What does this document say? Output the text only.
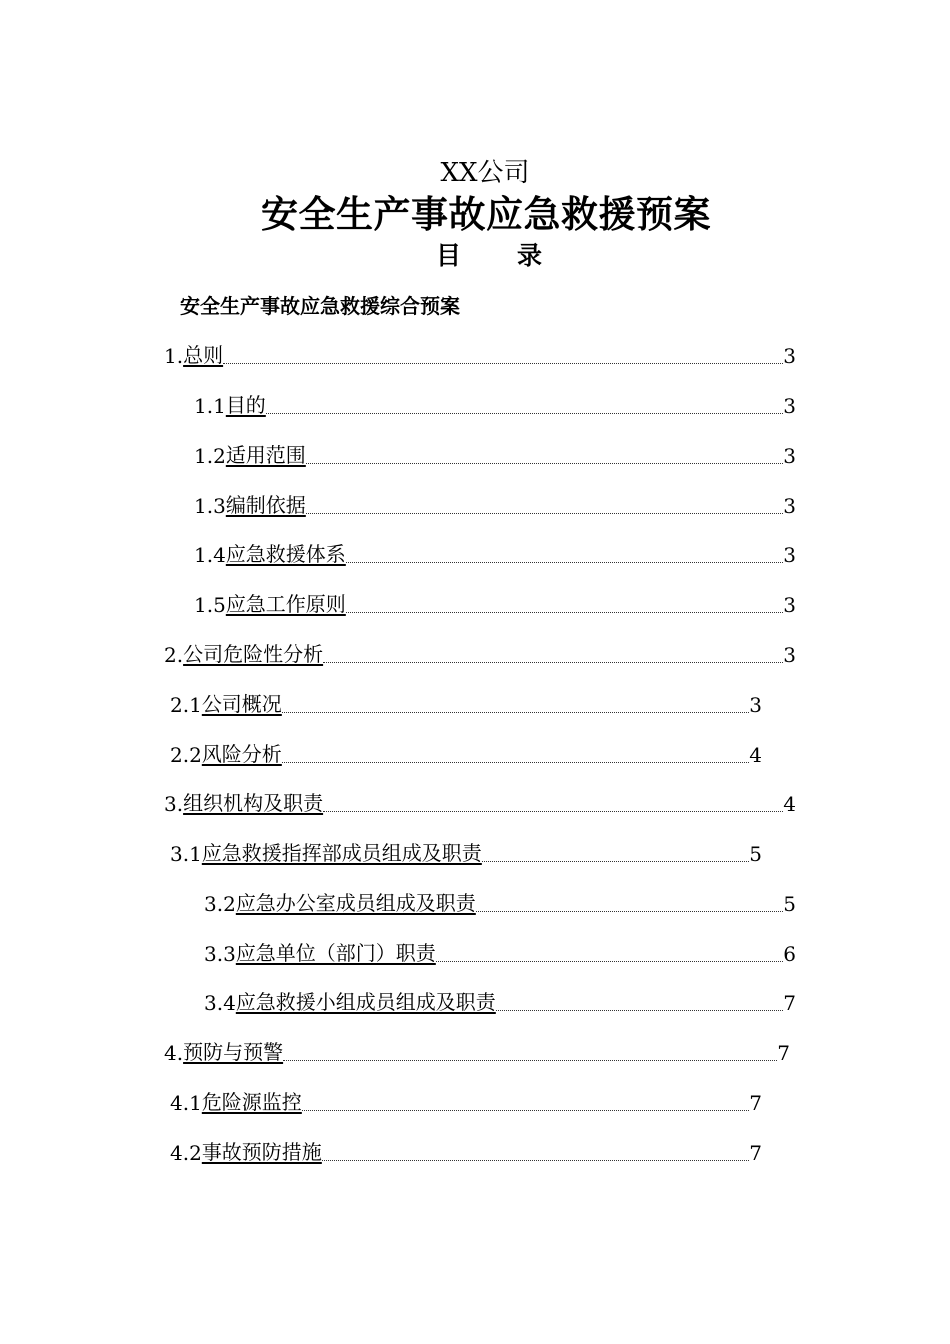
XX公司
安全生产事故应急救援预案
目 录
安全生产事故应急救援综合预案
1. 总则	3
1.1 目的	3
1.2 适用范围	3
1.3 编制依据	3
1.4 应急救援体系	3
1.5 应急工作原则	3
2. 公司危险性分析	3
2.1 公司概况	3
2.2 风险分析	4
3. 组织机构及职责	4
3.1 应急救援指挥部成员组成及职责	5
3.2 应急办公室成员组成及职责	5
3.3 应急单位（部门）职责	6
3.4 应急救援小组成员组成及职责	7
4. 预防与预警	7
4.1 危险源监控	7
4.2 事故预防措施	7
